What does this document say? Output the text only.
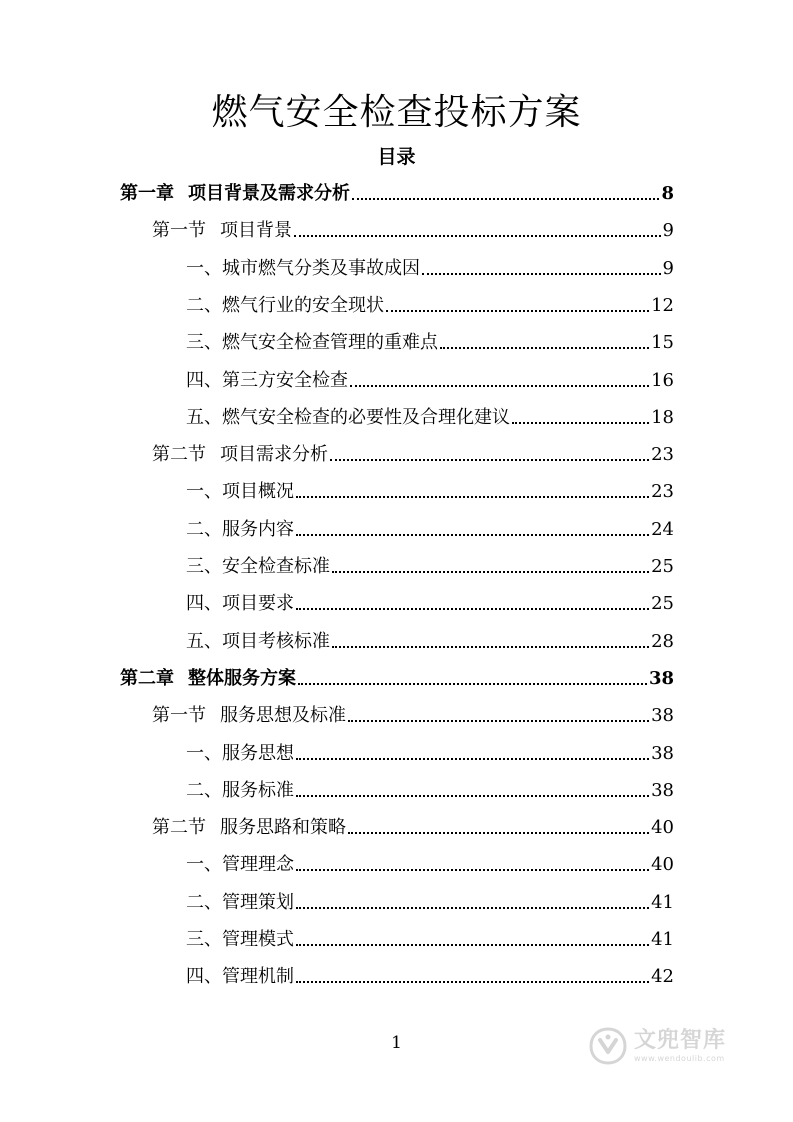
燃气安全检查投标方案
目录
第一章 项目背景及需求分析	8
第一节 项目背景	9
一、城市燃气分类及事故成因	9
二、燃气行业的安全现状	12
三、燃气安全检查管理的重难点	15
四、第三方安全检查	16
五、燃气安全检查的必要性及合理化建议	18
第二节 项目需求分析	23
一、项目概况	23
二、服务内容	24
三、安全检查标准	25
四、项目要求	25
五、项目考核标准	28
第二章 整体服务方案	38
第一节 服务思想及标准	38
一、服务思想	38
二、服务标准	38
第二节 服务思路和策略	40
一、管理理念	40
二、管理策划	41
三、管理模式	41
四、管理机制	42
1	文兜智库
www.wendoulib.com
